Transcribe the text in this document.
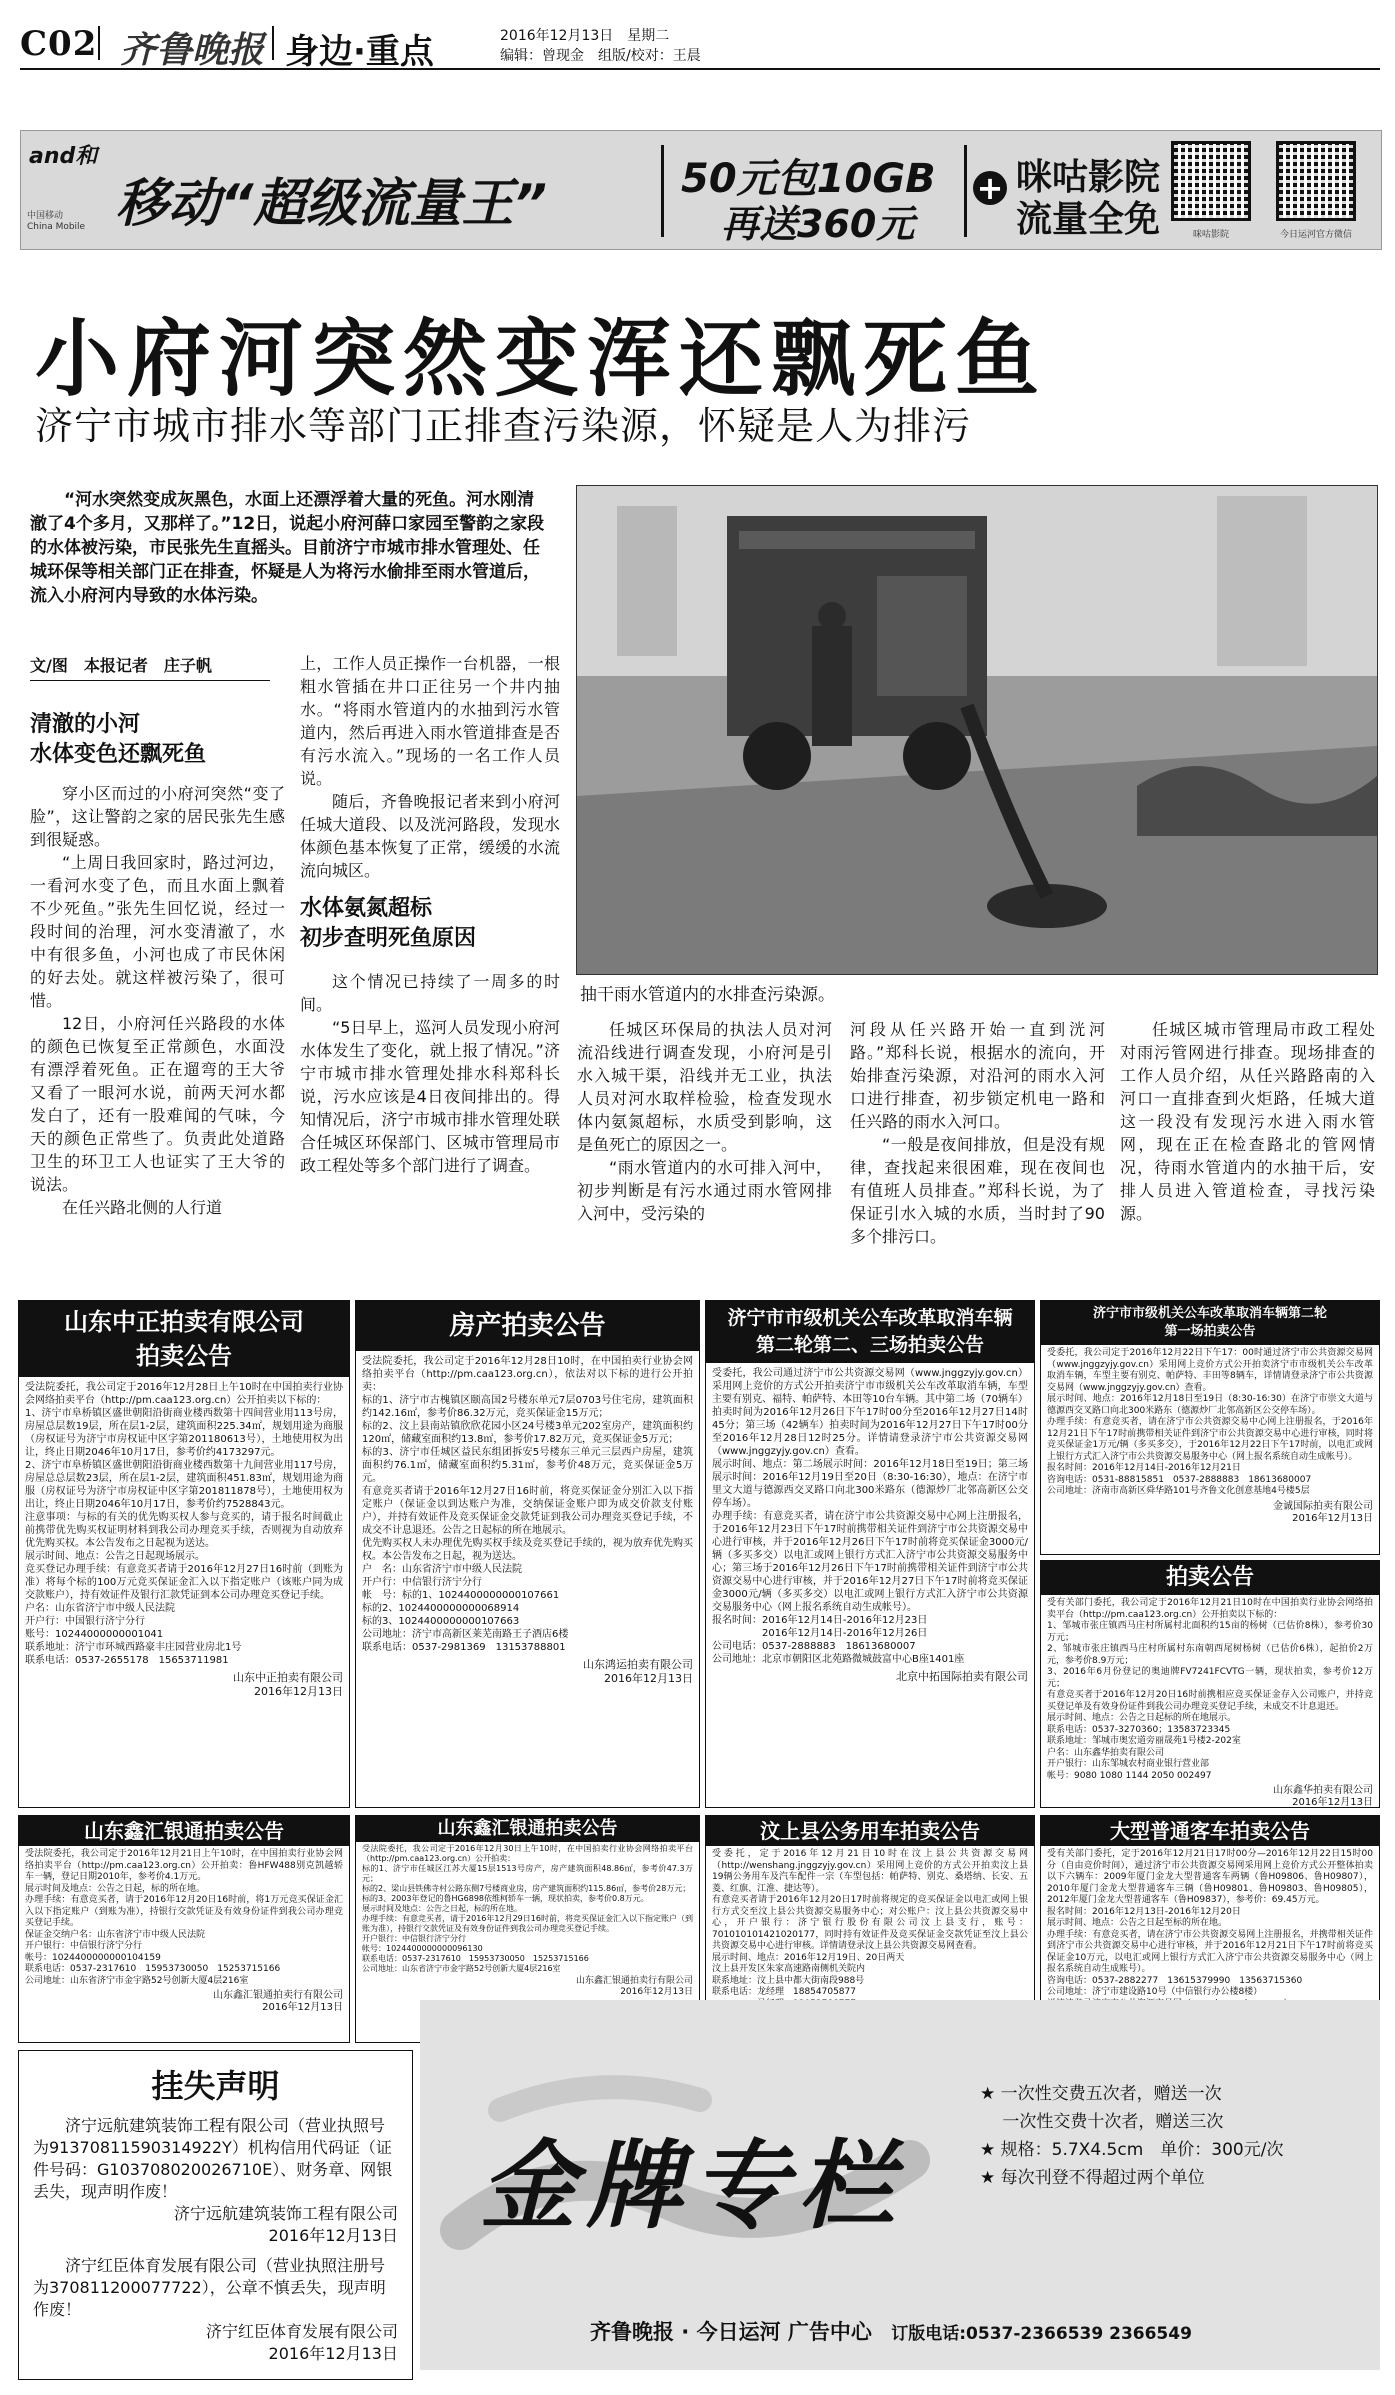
C02 齐鲁晚报 身边·重点	2016年12月13日　星期二
编辑：曾现金　组版/校对：王晨
and和
中国移动
China Mobile 移动“超级流量王”	50元包10GB
再送360元
+ 咪咕影院
流量全免	咪咕影院	今日运河官方微信
小府河突然变浑还飘死鱼
济宁市城市排水等部门正排查污染源，怀疑是人为排污

“河水突然变成灰黑色，水面上还漂浮着大量的死鱼。河水刚清澈了4个多月，又那样了。”12日，说起小府河薛口家园至警韵之家段的水体被污染，市民张先生直摇头。目前济宁市城市排水管理处、任城环保等相关部门正在排查，怀疑是人为将污水偷排至雨水管道后，流入小府河内导致的水体污染。

文/图　本报记者　庄子帆
清澈的小河
水体变色还飘死鱼

穿小区而过的小府河突然“变了脸”，这让警韵之家的居民张先生感到很疑惑。

“上周日我回家时，路过河边，一看河水变了色，而且水面上飘着不少死鱼。”张先生回忆说，经过一段时间的治理，河水变清澈了，水中有很多鱼，小河也成了市民休闲的好去处。就这样被污染了，很可惜。

12日，小府河任兴路段的水体的颜色已恢复至正常颜色，水面没有漂浮着死鱼。正在遛弯的王大爷又看了一眼河水说，前两天河水都发白了，还有一股难闻的气味，今天的颜色正常些了。负责此处道路卫生的环卫工人也证实了王大爷的说法。

在任兴路北侧的人行道

上，工作人员正操作一台机器，一根粗水管插在井口正往另一个井内抽水。“将雨水管道内的水抽到污水管道内，然后再进入雨水管道排查是否有污水流入。”现场的一名工作人员说。

随后，齐鲁晚报记者来到小府河任城大道段、以及洸河路段，发现水体颜色基本恢复了正常，缓缓的水流流向城区。

水体氨氮超标
初步查明死鱼原因

这个情况已持续了一周多的时间。

“5日早上，巡河人员发现小府河水体发生了变化，就上报了情况。”济宁市城市排水管理处排水科郑科长说，污水应该是4日夜间排出的。得知情况后，济宁市城市排水管理处联合任城区环保部门、区城市管理局市政工程处等多个部门进行了调查。

抽干雨水管道内的水排查污染源。

任城区环保局的执法人员对河流沿线进行调查发现，小府河是引水入城干渠，沿线并无工业，执法人员对河水取样检验，检查发现水体内氨氮超标，水质受到影响，这是鱼死亡的原因之一。

“雨水管道内的水可排入河中，初步判断是有污水通过雨水管网排入河中，受污染的

河段从任兴路开始一直到洸河路。”郑科长说，根据水的流向，开始排查污染源，对沿河的雨水入河口进行排查，初步锁定机电一路和任兴路的雨水入河口。

“一般是夜间排放，但是没有规律，查找起来很困难，现在夜间也有值班人员排查。”郑科长说，为了保证引水入城的水质，当时封了90多个排污口。

任城区城市管理局市政工程处对雨污管网进行排查。现场排查的工作人员介绍，从任兴路路南的入河口一直排查到火炬路，任城大道这一段没有发现污水进入雨水管网，现在正在检查路北的管网情况，待雨水管道内的水抽干后，安排人员进入管道检查，寻找污染源。

山东中正拍卖有限公司
拍卖公告

受法院委托，我公司定于2016年12月28日上午10时在中国拍卖行业协会网络拍卖平台（http://pm.caa123.org.cn）公开拍卖以下标的：

1、济宁市阜桥镇区盛世朝阳沿街商业楼西数第十四间营业用113号房，房屋总层数19层，所在层1-2层，建筑面积225.34㎡，规划用途为商服（房权证号为济宁市房权证中区字第201180613号），土地使用权为出让，终止日期2046年10月17日，参考价约4173297元。

2、济宁市阜桥镇区盛世朝阳沿街商业楼西数第十九间营业用117号房，房屋总总层数23层，所在层1-2层，建筑面积451.83㎡，规划用途为商服（房权证号为济宁市房权证中区字第201811878号），土地使用权为出让，终止日期2046年10月17日，参考价约7528843元。

注意事项：与标的有关的优先购买权人参与竞买的，请于报名时间截止前携带优先购买权证明材料到我公司办理竞买手续，否则视为自动放弃优先购买权。本公告发布之日起视为送达。

展示时间、地点：公告之日起现场展示。

竞买登记办理手续：有意竞买者请于2016年12月27日16时前（到账为准）将每个标的100万元竞买保证金汇入以下指定账户（该账户同为成交款账户），持有效证件及银行汇款凭证到本公司办理竞买登记手续。

户名：山东省济宁市中级人民法院

开户行：中国银行济宁分行

账号：10244000000001041

联系地址：济宁市环城西路豪丰庄园营业房北1号

联系电话：0537-2655178　15653711981

山东中正拍卖有限公司
2016年12月13日
房产拍卖公告

受法院委托，我公司定于2016年12月28日10时，在中国拍卖行业协会网络拍卖平台（http://pm.caa123.org.cn），依法对以下标的进行公开拍卖：

标的1、济宁市古槐镇区颐高国2号楼东单元7层0703号住宅房，建筑面积约142.16㎡，参考价86.32万元，竞买保证金15万元；

标的2、汶上县南站镇欣欣花园小区24号楼3单元202室房产，建筑面积约120㎡，储藏室面积约13.8㎡，参考价17.82万元，竞买保证金5万元；

标的3、济宁市任城区益民东组团拆安5号楼东三单元三层西户房屋，建筑面积约76.1㎡，储藏室面积约5.31㎡，参考价48万元，竞买保证金5万元。

有意竞买者请于2016年12月27日16时前，将竞买保证金分别汇入以下指定账户（保证金以到达账户为准，交纳保证金账户即为成交价款支付账户），并持有效证件及竞买保证金交款凭证到我公司办理竞买登记手续，不成交不计息退还。公告之日起标的所在地展示。

优先购买权人未办理优先购买权手续及竞买登记手续的，视为放弃优先购买权。本公告发布之日起，视为送达。

户　名：山东省济宁市中级人民法院

开户行：中信银行济宁分行

帐　号：标的1、1024400000000107661

标的2、1024400000000068914

标的3、1024400000000107663

公司地址：济宁市高新区莱芜南路王子酒店6楼

联系电话：0537-2981369　13153788801

山东鸿运拍卖有限公司
2016年12月13日
济宁市市级机关公车改革取消车辆
第二轮第二、三场拍卖公告

受委托，我公司通过济宁市公共资源交易网（www.jnggzyjy.gov.cn）采用网上竞价的方式公开拍卖济宁市市级机关公车改革取消车辆，车型主要有别克、福特、帕萨特、本田等10台车辆。其中第二场（70辆车）拍卖时间为2016年12月26日下午17时00分至2016年12月27日14时45分；第三场（42辆车）拍卖时间为2016年12月27日下午17时00分至2016年12月28日12时25分。详情请登录济宁市公共资源交易网（www.jnggzyjy.gov.cn）查看。

展示时间、地点：第二场展示时间：2016年12月18日至19日；第三场展示时间：2016年12月19日至20日（8:30-16:30），地点：在济宁市里文大道与德源西交叉路口向北300米路东（德源炒厂北邻高新区公交停车场）。

办理手续：有意竞买者，请在济宁市公共资源交易中心网上注册报名，于2016年12月23日下午17时前携带相关证件到济宁市公共资源交易中心进行审核，并于2016年12月26日下午17时前将竞买保证金3000元/辆（多买多交）以电汇或网上银行方式汇入济宁市公共资源交易服务中心；第三场于2016年12月26日下午17时前携带相关证件到济宁市公共资源交易中心进行审核，并于2016年12月27日下午17时前将竞买保证金3000元/辆（多买多交）以电汇或网上银行方式汇入济宁市公共资源交易服务中心（网上报名系统自动生成帐号）。

报名时间：2016年12月14日-2016年12月23日

　　　　　2016年12月14日-2016年12月26日

公司电话：0537-2888883　18613680007

公司地址：北京市朝阳区北苑路微城鼓富中心B座1401座

北京中拓国际拍卖有限公司
济宁市市级机关公车改革取消车辆第二轮
第一场拍卖公告

受委托，我公司定于2016年12月22日下午17：00时通过济宁市公共资源交易网（www.jnggzyjy.gov.cn）采用网上竞价方式公开拍卖济宁市市级机关公车改革取消车辆，车型主要有别克、帕萨特、丰田等8辆车，详情请登录济宁市公共资源交易网（www.jnggzyjy.gov.cn）查看。

展示时间、地点：2016年12月18日至19日（8:30-16:30）在济宁市崇文大道与德源西交叉路口向北300米路东（德源炒厂北邻高新区公交停车场）。

办理手续：有意竞买者，请在济宁市公共资源交易中心网上注册报名，于2016年12月21日下午17时前携带相关证件到济宁市公共资源交易中心进行审核，同时将竞买保证金1万元/辆（多买多交），于2016年12月22日下午17时前，以电汇或网上银行方式汇入济宁市公共资源交易服务中心（网上报名系统自动生成帐号）。

报名时间：2016年12月14日-2016年12月21日

咨询电话：0531-88815851　0537-2888883　18613680007

公司地址：济南市高新区舜华路101号齐鲁文化创意基地4号楼5层

金诚国际拍卖有限公司
2016年12月13日
拍卖公告

受有关部门委托，我公司定于2016年12月21日10时在中国拍卖行业协会网络拍卖平台（http://pm.caa123.org.cn）公开拍卖以下标的：

1、邹城市张庄镇西马庄村所属村北面积约15亩的杨树（已估价8株），参考价30万元；

2、邹城市张庄镇西马庄村所属村东南朝西尾树杨树（已估价6株），起拍价2万元，参考价8.9万元；

3、2016年6月份登记的奥迪牌FV7241FCVTG一辆，现状拍卖，参考价12万元；

有意竞买者于2016年12月20日16时前携相应竞买保证金存入公司账户，并持竞买登记单及有效身份证件到我公司办理竞买登记手续，未成交不计息退还。

展示时间、地点：公告之日起标的所在地展示。

联系电话：0537-3270360；13583723345

联系地址：邹城市奥宏道旁丽晟苑1号楼2-202室

户名：山东鑫华拍卖有限公司

开户银行：山东邹城农村商业银行营业部

帐号：9080 1080 1144 2050 002497

山东鑫华拍卖有限公司
2016年12月13日
山东鑫汇银通拍卖公告

受法院委托，我公司定于2016年12月21日上午10时，在中国拍卖行业协会网络拍卖平台（http://pm.caa123.org.cn）公开拍卖：鲁HFW488别克凯越轿车一辆，登记日期2010年，参考价4.1万元。

展示时间及地点：公告之日起，标的所在地。

办理手续：有意竞买者，请于2016年12月20日16时前，将1万元竞买保证金汇入以下指定账户（到账为准），持银行交款凭证及有效身份证件到我公司办理竞买登记手续。

保证金交纳户名：山东省济宁市中级人民法院

开户银行：中信银行济宁分行

帐号：1024400000000104159

联系电话：0537-2317610　15953730050　15253715166

公司地址：山东省济宁市金宇路52号创新大厦4层216室

山东鑫汇银通拍卖行有限公司
2016年12月13日
山东鑫汇银通拍卖公告

受法院委托，我公司定于2016年12月30日上午10时，在中国拍卖行业协会网络拍卖平台（http://pm.caa123.org.cn）公开拍卖：

标的1、济宁市任城区江苏大厦15层1513号房产，房产建筑面积48.86㎡，参考价47.3万元；

标的2、梁山县铁佛寺村公路东侧7号楼商业房，房产建筑面积约115.86㎡，参考价28万元；

标的3、2003年登记的鲁HG6898依维柯轿车一辆，现状拍卖，参考价0.8万元。

展示时间及地点：公告之日起，标的所在地。

办理手续：有意竞买者，请于2016年12月29日16时前，将竞买保证金汇入以下指定账户（到账为准），持银行交款凭证及有效身份证件到我公司办理竞买登记手续。

开户银行：中信银行济宁分行

帐号：1024400000000096130

联系电话：0537-2317610　15953730050　15253715166

公司地址：山东省济宁市金宇路52号创新大厦4层216室

山东鑫汇银通拍卖行有限公司
2016年12月13日
汶上县公务用车拍卖公告

受委托，定于2016年12月21日10时在汶上县公共资源交易网（http://wenshang.jnggzyjy.gov.cn）采用网上竞价的方式公开拍卖汶上县19辆公务用车及汽车配件一宗（车型包括：帕萨特、别克、桑塔纳、长安、五菱、红旗、江淮、捷达等）。

有意竞买者请于2016年12月20日17时前将规定的竞买保证金以电汇或网上银行方式交至汶上县公共资源交易服务中心；对公账户：汶上县公共资源交易中心，开户银行：济宁银行股份有限公司汶上县支行，账号：701010101421020177，同时持有效证件及竞买保证金交款凭证至汶上县公共资源交易中心进行审核。详情请登录汶上县公共资源交易网查看。

展示时间、地点：2016年12月19日、20日两天

汶上县开发区朱家高速路南侧机关院内

联系地址：汶上县中都大街南段988号

联系电话：龙经理　18854705877

大型普通客车拍卖公告

受有关部门委托，定于2016年12月21日17时00分—2016年12月22日15时00分（自由竞价时间），通过济宁市公共资源交易网采用网上竞价方式公开整体拍卖以下六辆车：2009年厦门金龙大型普通客车两辆（鲁H09806、鲁H09807），2010年厦门金龙大型普通客车三辆（鲁H09801、鲁H09803、鲁H09805），2012年厦门金龙大型普通客车（鲁H09837），参考价：69.45万元。

报名时间：2016年12月13日-2016年12月20日

展示时间、地点：公告之日起至标的所在地。

办理手续：有意竞买者，请在济宁市公共资源交易网上注册报名，并携带相关证件到济宁市公共资源交易中心进行审核，并于2016年12月21日下午17时前将竞买保证金10万元，以电汇或网上银行方式汇入济宁市公共资源交易服务中心（网上报名系统自动生成账号）。

咨询电话：0537-2882277　13615379990　13563715360

公司地址：济宁市建设路10号（中信银行办公楼8楼）

挂失声明
济宁远航建筑装饰工程有限公司（营业执照号为91370811590314922Y）机构信用代码证（证件号码：G103708020026710E）、财务章、网银丢失，现声明作废！
济宁远航建筑装饰工程有限公司
2016年12月13日
济宁红臣体育发展有限公司（营业执照注册号为370811200077722），公章不慎丢失，现声明作废！
济宁红臣体育发展有限公司
2016年12月13日
金牌专栏
★ 一次性交费五次者，赠送一次
　 一次性交费十次者，赠送三次
★ 规格：5.7X4.5cm　单价：300元/次
★ 每次刊登不得超过两个单位
齐鲁晚报 · 今日运河 广告中心 订版电话:0537-2366539 2366549
